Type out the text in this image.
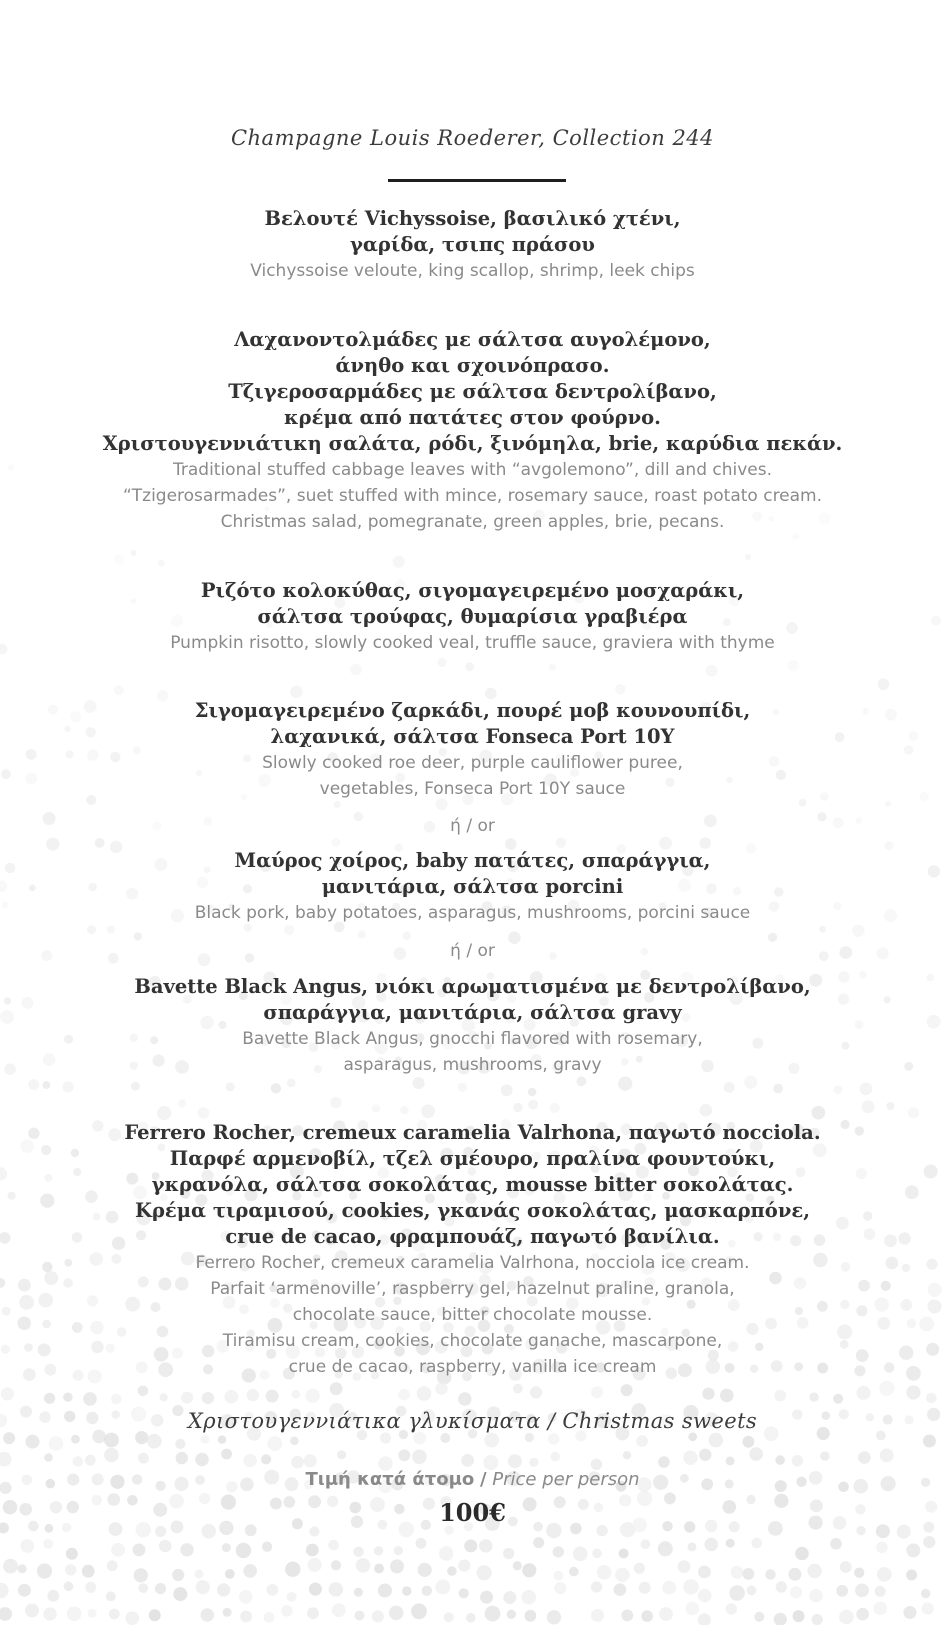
Champagne Louis Roederer, Collection 244
Βελουτέ Vichyssoise, βασιλικό χτένι,
γαρίδα, τσιπς πράσου
Vichyssoise veloute, king scallop, shrimp, leek chips
Λαχανοντολμάδες με σάλτσα αυγολέμονο,
άνηθο και σχοινόπρασο.
Τζιγεροσαρμάδες με σάλτσα δεντρολίβανο,
κρέμα από πατάτες στον φούρνο.
Χριστουγεννιάτικη σαλάτα, ρόδι, ξινόμηλα, brie, καρύδια πεκάν.
Traditional stuffed cabbage leaves with “avgolemono”, dill and chives.
“Tzigerosarmades”, suet stuffed with mince, rosemary sauce, roast potato cream.
Christmas salad, pomegranate, green apples, brie, pecans.
Ριζότο κολοκύθας, σιγομαγειρεμένο μοσχαράκι,
σάλτσα τρούφας, θυμαρίσια γραβιέρα
Pumpkin risotto, slowly cooked veal, truffle sauce, graviera with thyme
Σιγομαγειρεμένο ζαρκάδι, πουρέ μοβ κουνουπίδι,
λαχανικά, σάλτσα Fonseca Port 10Y
Slowly cooked roe deer, purple cauliflower puree,
vegetables, Fonseca Port 10Y sauce
ή / or
Μαύρος χοίρος, baby πατάτες, σπαράγγια,
μανιτάρια, σάλτσα porcini
Black pork, baby potatoes, asparagus, mushrooms, porcini sauce
ή / or
Bavette Black Angus, νιόκι αρωματισμένα με δεντρολίβανο,
σπαράγγια, μανιτάρια, σάλτσα gravy
Bavette Black Angus, gnocchi flavored with rosemary,
asparagus, mushrooms, gravy
Ferrero Rocher, cremeux caramelia Valrhona, παγωτό nocciola.
Παρφέ αρμενοβίλ, τζελ σμέουρο, πραλίνα φουντούκι,
γκρανόλα, σάλτσα σοκολάτας, mousse bitter σοκολάτας.
Κρέμα τιραμισού, cookies, γκανάς σοκολάτας, μασκαρπόνε,
crue de cacao, φραμπουάζ, παγωτό βανίλια.
Ferrero Rocher, cremeux caramelia Valrhona, nocciola ice cream.
Parfait ‘armenoville’, raspberry gel, hazelnut praline, granola,
chocolate sauce, bitter chocolate mousse.
Tiramisu cream, cookies, chocolate ganache, mascarpone,
crue de cacao, raspberry, vanilla ice cream
Χριστουγεννιάτικα γλυκίσματα / Christmas sweets
Τιμή κατά άτομο / Price per person
100€
